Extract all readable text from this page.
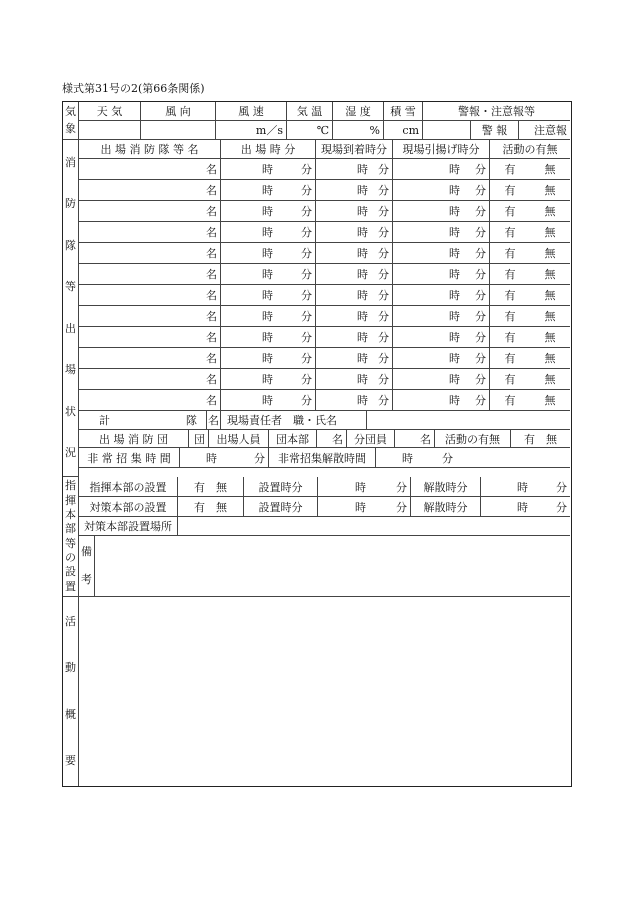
様式第31号の2(第66条関係)
気
象
天 気	風 向	風 速	気 温	湿 度	積 雪	警報・注意報等
m／s	℃	%	cm	警 報	注意報
消
防
隊
等
出
場
状
況
出 場 消 防 隊 等 名	出 場 時 分	現場到着時分	現場引揚げ時分	活動の有無
名	時	分	時 分	時	分	有	無
名	時	分	時 分	時	分	有	無
名	時	分	時 分	時	分	有	無
名	時	分	時 分	時	分	有	無
名	時	分	時 分	時	分	有	無
名	時	分	時 分	時	分	有	無
名	時	分	時 分	時	分	有	無
名	時	分	時 分	時	分	有	無
名	時	分	時 分	時	分	有	無
名	時	分	時 分	時	分	有	無
名	時	分	時 分	時	分	有	無
名	時	分	時 分	時	分	有	無
計	隊	名 現場責任者　職・氏名
出 場 消 防 団	団	出場人員	団本部	名	分団員	名	活動の有無	有　無
非 常 招 集 時 間	時	分	非常招集解散時間	時	分
指
揮
本
部
等
の
設
置
指揮本部の設置	有　無	設置時分	時	分	解散時分	時	分
対策本部の設置	有　無	設置時分	時	分	解散時分	時	分
対策本部設置場所
備
考
活
動
概
要
